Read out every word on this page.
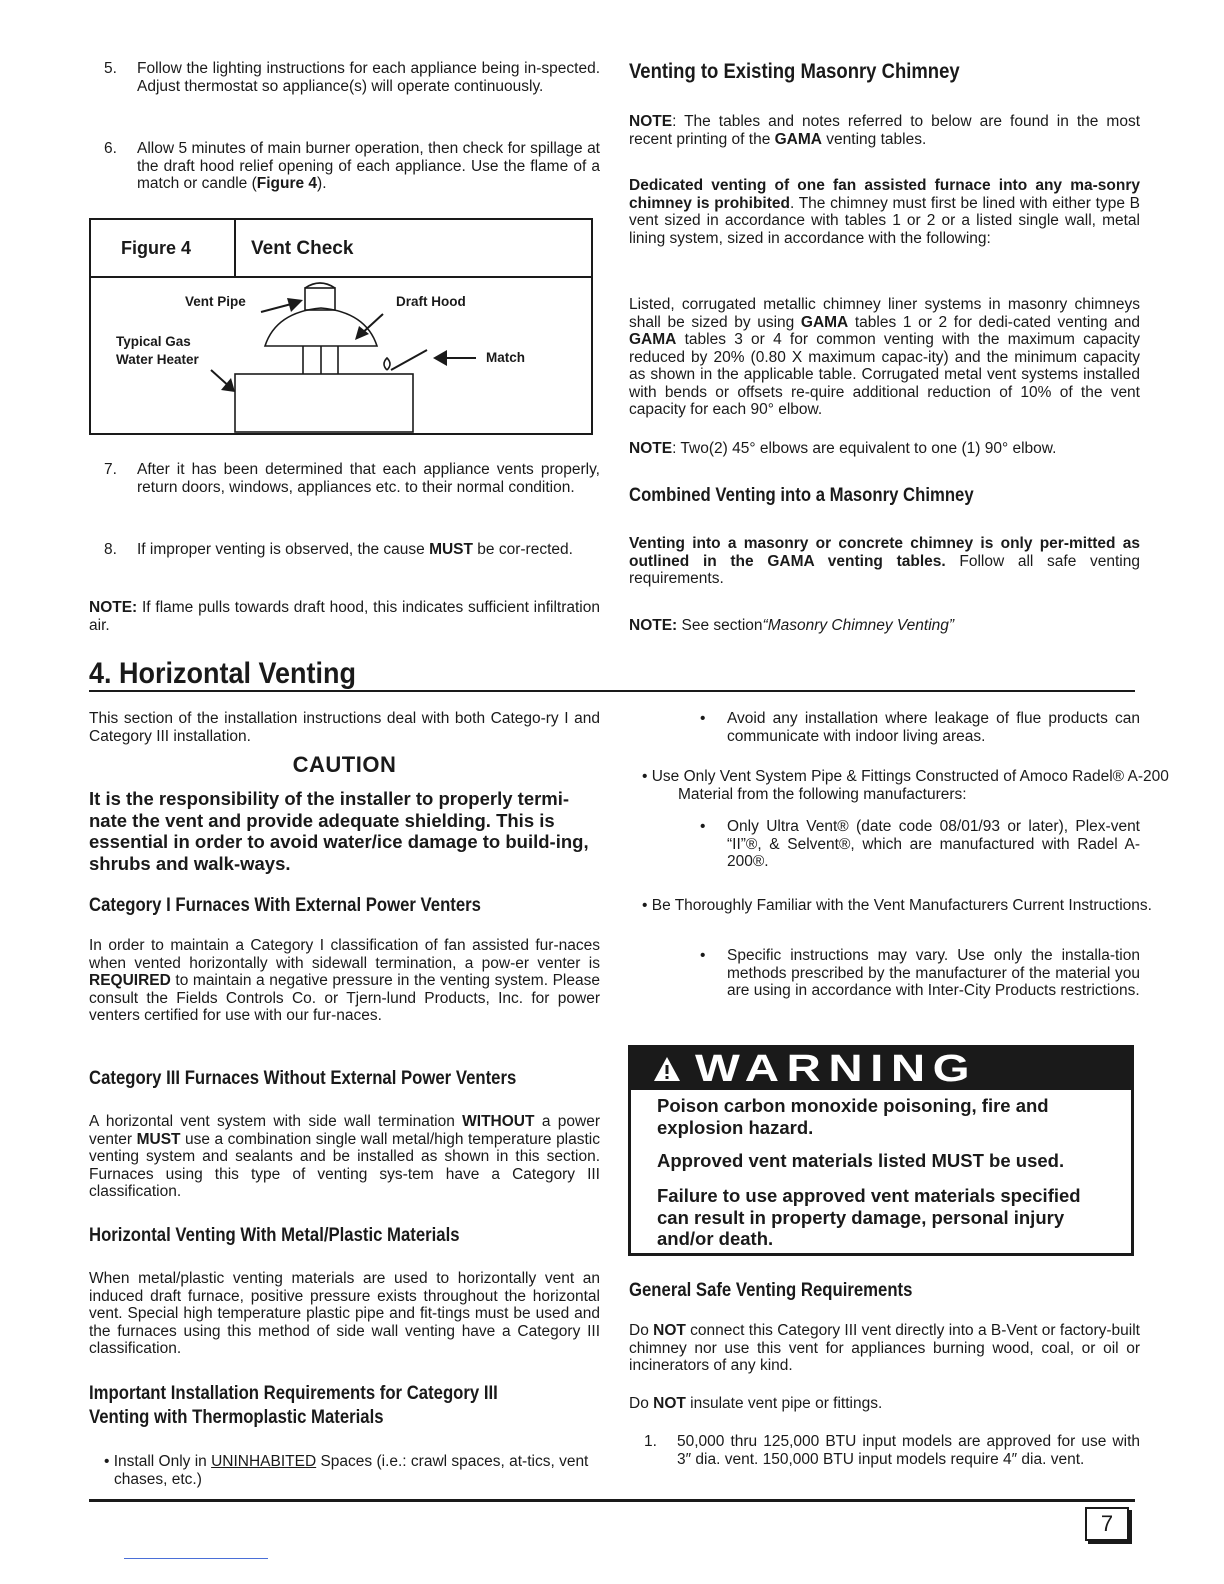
5. Follow the lighting instructions for each appliance being in-spected. Adjust thermostat so appliance(s) will operate continuously.

6. Allow 5 minutes of main burner operation, then check for spillage at the draft hood relief opening of each appliance. Use the flame of a match or candle (Figure 4).

Figure 4	Vent Check
Vent Pipe	Draft Hood
Typical Gas
Water Heater	Match
7. After it has been determined that each appliance vents properly, return doors, windows, appliances etc. to their normal condition.

8. If improper venting is observed, the cause MUST be cor-rected.

NOTE: If flame pulls towards draft hood, this indicates sufficient infiltration air.

Venting to Existing Masonry Chimney

NOTE: The tables and notes referred to below are found in the most recent printing of the GAMA venting tables.

Dedicated venting of one fan assisted furnace into any ma-sonry chimney is prohibited. The chimney must first be lined with either type B vent sized in accordance with tables 1 or 2 or a listed single wall, metal lining system, sized in accordance with the following:

Listed, corrugated metallic chimney liner systems in masonry chimneys shall be sized by using GAMA tables 1 or 2 for dedi-cated venting and GAMA tables 3 or 4 for common venting with the maximum capacity reduced by 20% (0.80 X maximum capac-ity) and the minimum capacity as shown in the applicable table. Corrugated metal vent systems installed with bends or offsets re-quire additional reduction of 10% of the vent capacity for each 90° elbow.

NOTE: Two(2) 45° elbows are equivalent to one (1) 90° elbow.

Combined Venting into a Masonry Chimney

Venting into a masonry or concrete chimney is only per-mitted as outlined in the GAMA venting tables. Follow all safe venting requirements.

NOTE: See section“Masonry Chimney Venting”

4. Horizontal Venting

This section of the installation instructions deal with both Catego-ry I and Category III installation.

CAUTION

It is the responsibility of the installer to properly termi-nate the vent and provide adequate shielding. This is essential in order to avoid water/ice damage to build-ing, shrubs and walk-ways.

Category I Furnaces With External Power Venters

In order to maintain a Category I classification of fan assisted fur-naces when vented horizontally with sidewall termination, a pow-er venter is REQUIRED to maintain a negative pressure in the venting system. Please consult the Fields Controls Co. or Tjern-lund Products, Inc. for power venters certified for use with our fur-naces.

Category III Furnaces Without External Power Venters

A horizontal vent system with side wall termination WITHOUT a power venter MUST use a combination single wall metal/high temperature plastic venting system and sealants and be installed as shown in this section. Furnaces using this type of venting sys-tem have a Category III classification.

Horizontal Venting With Metal/Plastic Materials

When metal/plastic venting materials are used to horizontally vent an induced draft furnace, positive pressure exists throughout the horizontal vent. Special high temperature plastic pipe and fit-tings must be used and the furnaces using this method of side wall venting have a Category III classification.

Important Installation Requirements for Category III
Venting with Thermoplastic Materials

• Install Only in UNINHABITED Spaces (i.e.: crawl spaces, at-tics, vent chases, etc.)

• Avoid any installation where leakage of flue products can communicate with indoor living areas.

• Use Only Vent System Pipe & Fittings Constructed of Amoco Radel® A-200 Material from the following manufacturers:

• Only Ultra Vent® (date code 08/01/93 or later), Plex-vent “II”®, & Selvent®, which are manufactured with Radel A-200®.

• Be Thoroughly Familiar with the Vent Manufacturers Current Instructions.

• Specific instructions may vary. Use only the installa-tion methods prescribed by the manufacturer of the material you are using in accordance with Inter-City Products restrictions.

WARNING

Poison carbon monoxide poisoning, fire and explosion hazard.

Approved vent materials listed MUST be used.

Failure to use approved vent materials specified can result in property damage, personal injury and/or death.

General Safe Venting Requirements

Do NOT connect this Category III vent directly into a B-Vent or factory-built chimney nor use this vent for appliances burning wood, coal, or oil or incinerators of any kind.

Do NOT insulate vent pipe or fittings.

1. 50,000 thru 125,000 BTU input models are approved for use with 3″ dia. vent. 150,000 BTU input models require 4″ dia. vent.

7
